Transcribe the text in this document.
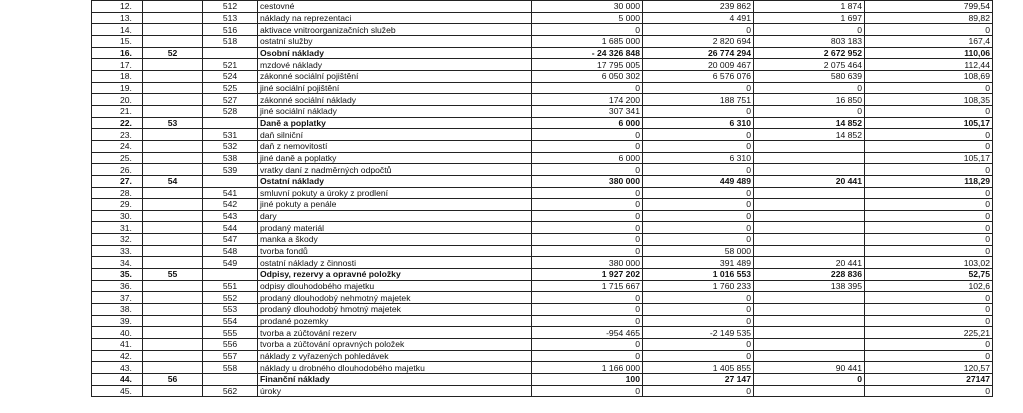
12.		512	cestovné	30 000	239 862	1 874	799,54
13.		513	náklady na reprezentaci	5 000	4 491	1 697	89,82
14.		516	aktivace vnitroorganizačních služeb	0	0	0	0
15.		518	ostatní služby	1 685 000	2 820 694	803 183	167,4
16.	52		Osobní náklady	- 24 326 848	26 774 294	2 672 952	110,06
17.		521	mzdové náklady	17 795 005	20 009 467	2 075 464	112,44
18.		524	zákonné sociální pojištění	6 050 302	6 576 076	580 639	108,69
19.		525	jiné sociální pojištění	0	0	0	0
20.		527	zákonné sociální náklady	174 200	188 751	16 850	108,35
21.		528	jiné sociální náklady	307 341	0	0	0
22.	53		Daně a poplatky	6 000	6 310	14 852	105,17
23.		531	daň silniční	0	0	14 852	0
24.		532	daň z nemovitostí	0	0		0
25.		538	jiné daně a poplatky	6 000	6 310		105,17
26.		539	vratky daní z nadměrných odpočtů	0	0		0
27.	54		Ostatní náklady	380 000	449 489	20 441	118,29
28.		541	smluvní pokuty a úroky z prodlení	0	0		0
29.		542	jiné pokuty a penále	0	0		0
30.		543	dary	0	0		0
31.		544	prodaný materiál	0	0		0
32.		547	manka a škody	0	0		0
33.		548	tvorba fondů	0	58 000		0
34.		549	ostatní náklady z činnosti	380 000	391 489	20 441	103,02
35.	55		Odpisy, rezervy a opravné položky	1 927 202	1 016 553	228 836	52,75
36.		551	odpisy dlouhodobého majetku	1 715 667	1 760 233	138 395	102,6
37.		552	prodaný dlouhodobý nehmotný majetek	0	0		0
38.		553	prodaný dlouhodobý hmotný majetek	0	0		0
39.		554	prodané pozemky	0	0		0
40.		555	tvorba a zúčtování rezerv	-954 465	-2 149 535		225,21
41.		556	tvorba a zúčtování opravných položek	0	0		0
42.		557	náklady z vyřazených pohledávek	0	0		0
43.		558	náklady u drobného dlouhodobého majetku	1 166 000	1 405 855	90 441	120,57
44.	56		Finanční náklady	100	27 147	0	27147
45.		562	úroky	0	0		0
